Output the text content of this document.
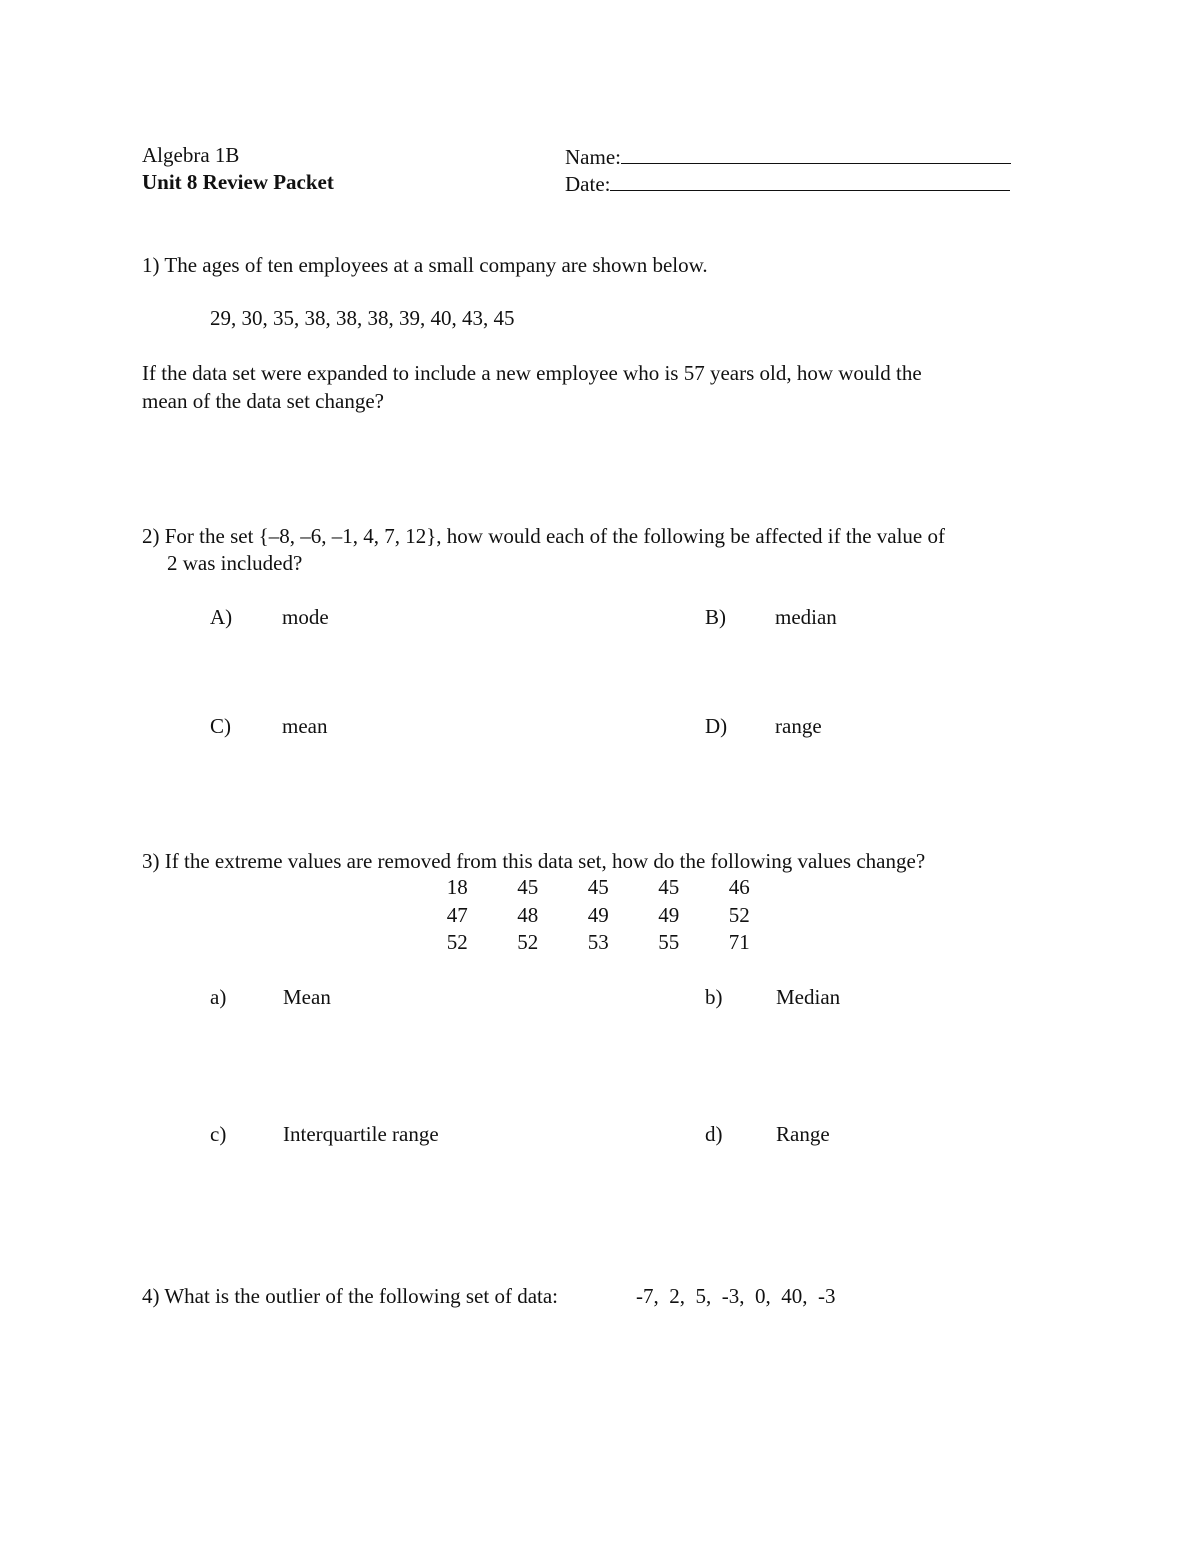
Algebra 1B
Unit 8 Review Packet
Name:
Date:
1) The ages of ten employees at a small company are shown below.
29, 30, 35, 38, 38, 38, 39, 40, 43, 45
If the data set were expanded to include a new employee who is 57 years old, how would the
mean of the data set change?
2) For the set {–8, –6, –1, 4, 7, 12}, how would each of the following be affected if the value of
2 was included?
A) mode	B) median
C) mean	D) range
3) If the extreme values are removed from this data set, how do the following values change?
18	45	45	45	46
47	48	49	49	52
52	52	53	55	71
a)	Mean	b)	Median
c)	Interquartile range	d)	Range
4) What is the outlier of the following set of data:	-7,  2,  5,  -3,  0,  40,  -3
